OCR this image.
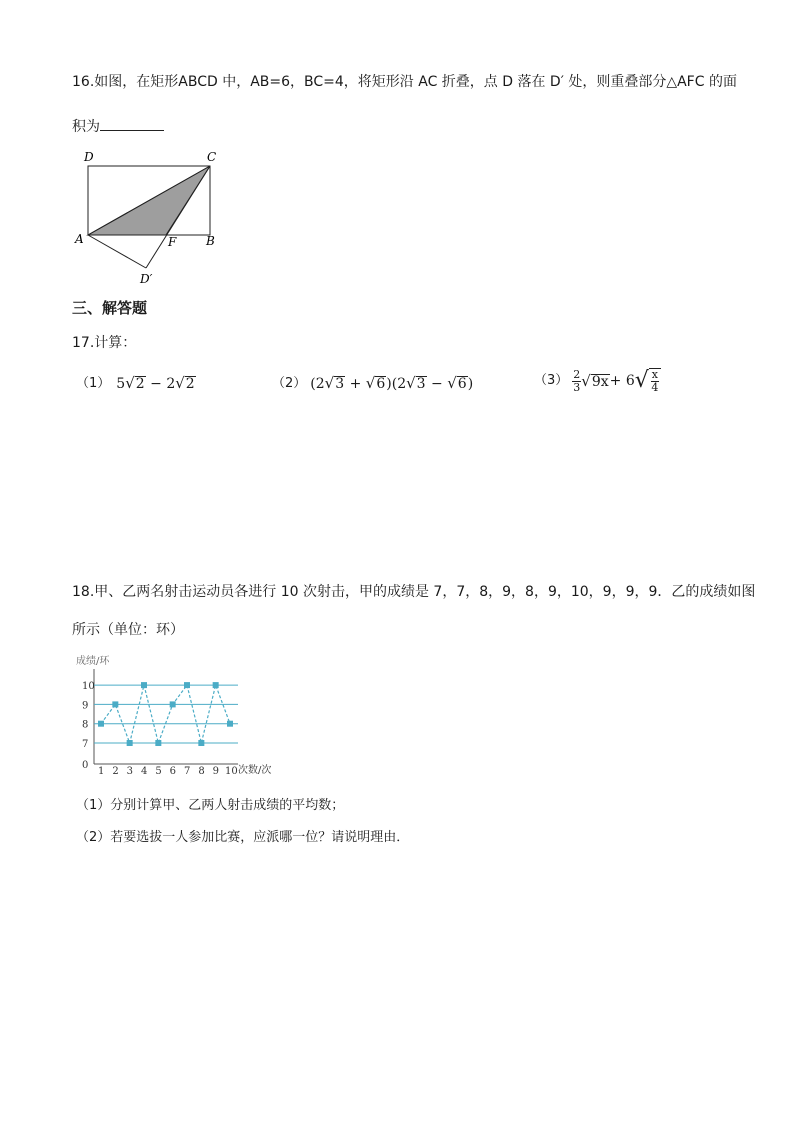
16.如图，在矩形ABCD 中，AB=6，BC=4，将矩形沿 AC 折叠，点 D 落在 D′ 处，则重叠部分△AFC 的面
积为
D	C
A	F B
D′
三、解答题
17.计算：
（1） 5√2 − 2√2	（2） (2√3 + √6)(2√3 − √6)	$(3) \frac{2}{3}$ √ 9x + 6 √ $\frac{x}{4}$
18.甲、乙两名射击运动员各进行 10 次射击，甲的成绩是 7，7，8，9，8，9，10，9，9，9．乙的成绩如图
所示（单位：环）
成绩/环
次数/次
0
7
8
9
10
1 2 3 4 5 6 7 8 9 10
（1）分别计算甲、乙两人射击成绩的平均数；
（2）若要选拔一人参加比赛，应派哪一位？请说明理由．
